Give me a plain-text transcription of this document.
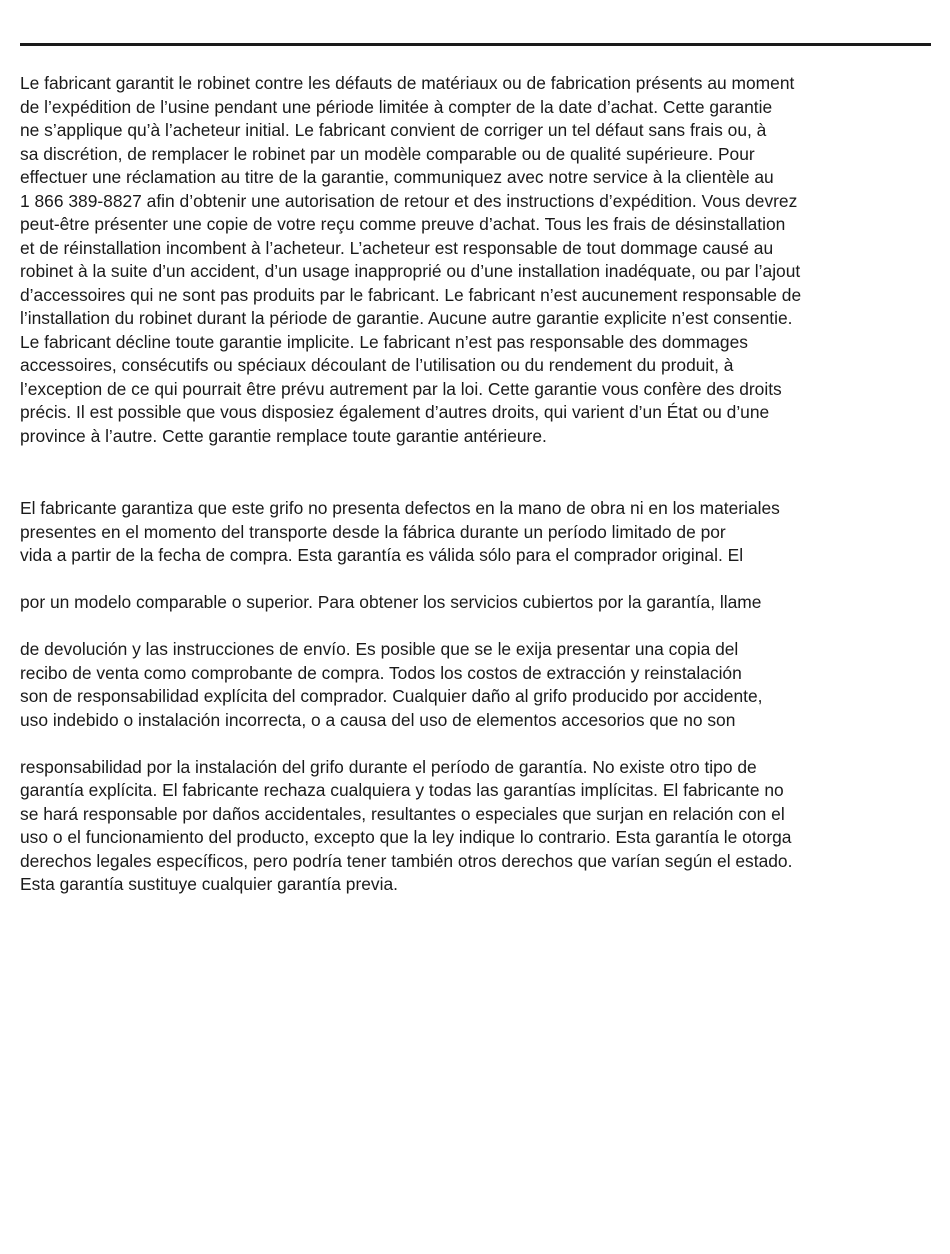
Le fabricant garantit le robinet contre les défauts de matériaux ou de fabrication présents au moment
de l’expédition de l’usine pendant une période limitée à compter de la date d’achat. Cette garantie
ne s’applique qu’à l’acheteur initial. Le fabricant convient de corriger un tel défaut sans frais ou, à
sa discrétion, de remplacer le robinet par un modèle comparable ou de qualité supérieure. Pour
effectuer une réclamation au titre de la garantie, communiquez avec notre service à la clientèle au
1 866 389-8827 afin d’obtenir une autorisation de retour et des instructions d’expédition. Vous devrez
peut-être présenter une copie de votre reçu comme preuve d’achat. Tous les frais de désinstallation
et de réinstallation incombent à l’acheteur. L’acheteur est responsable de tout dommage causé au
robinet à la suite d’un accident, d’un usage inapproprié ou d’une installation inadéquate, ou par l’ajout
d’accessoires qui ne sont pas produits par le fabricant. Le fabricant n’est aucunement responsable de
l’installation du robinet durant la période de garantie. Aucune autre garantie explicite n’est consentie.
Le fabricant décline toute garantie implicite. Le fabricant n’est pas responsable des dommages
accessoires, consécutifs ou spéciaux découlant de l’utilisation ou du rendement du produit, à
l’exception de ce qui pourrait être prévu autrement par la loi. Cette garantie vous confère des droits
précis. Il est possible que vous disposiez également d’autres droits, qui varient d’un État ou d’une
province à l’autre. Cette garantie remplace toute garantie antérieure.
El fabricante garantiza que este grifo no presenta defectos en la mano de obra ni en los materiales
presentes en el momento del transporte desde la fábrica durante un período limitado de por
vida a partir de la fecha de compra. Esta garantía es válida sólo para el comprador original. El
por un modelo comparable o superior. Para obtener los servicios cubiertos por la garantía, llame
de devolución y las instrucciones de envío. Es posible que se le exija presentar una copia del
recibo de venta como comprobante de compra. Todos los costos de extracción y reinstalación
son de responsabilidad explícita del comprador. Cualquier daño al grifo producido por accidente,
uso indebido o instalación incorrecta, o a causa del uso de elementos accesorios que no son
responsabilidad por la instalación del grifo durante el período de garantía. No existe otro tipo de
garantía explícita. El fabricante rechaza cualquiera y todas las garantías implícitas. El fabricante no
se hará responsable por daños accidentales, resultantes o especiales que surjan en relación con el
uso o el funcionamiento del producto, excepto que la ley indique lo contrario. Esta garantía le otorga
derechos legales específicos, pero podría tener también otros derechos que varían según el estado.
Esta garantía sustituye cualquier garantía previa.
